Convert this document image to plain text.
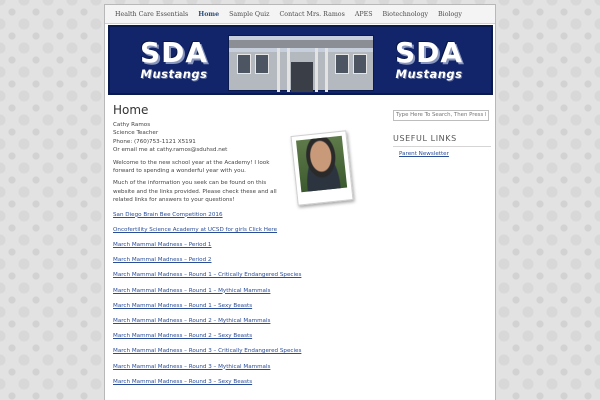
Health Care Essentials	Home	Sample Quiz	Contact Mrs. Ramos	APES	Biotechnology	Biology
SDA
Mustangs
SDA
Mustangs
Home
Cathy Ramos
Science Teacher
Phone: (760)753-1121 X5191
Or email me at cathy.ramos@sduhsd.net
Welcome to the new school year at the Academy! I look forward to spending a wonderful year with you.
Much of the information you seek can be found on this website and the links provided. Please check these and all related links for answers to your questions!
San Diego Brain Bee Competition 2016
Oncofertility Science Academy at UCSD for girls Click Here
March Mammal Madness – Period 1
March Mammal Madness – Period 2
March Mammal Madness – Round 1 – Critically Endangered Species
March Mammal Madness – Round 1 – Mythical Mammals
March Mammal Madness – Round 1 – Sexy Beasts
March Mammal Madness – Round 2 – Mythical Mammals
March Mammal Madness – Round 2 – Sexy Beasts
March Mammal Madness – Round 3 – Critically Endangered Species
March Mammal Madness – Round 3 – Mythical Mammals
March Mammal Madness – Round 3 – Sexy Beasts
Type Here To Search, Then Press Enter
USEFUL LINKS
Parent Newsletter
